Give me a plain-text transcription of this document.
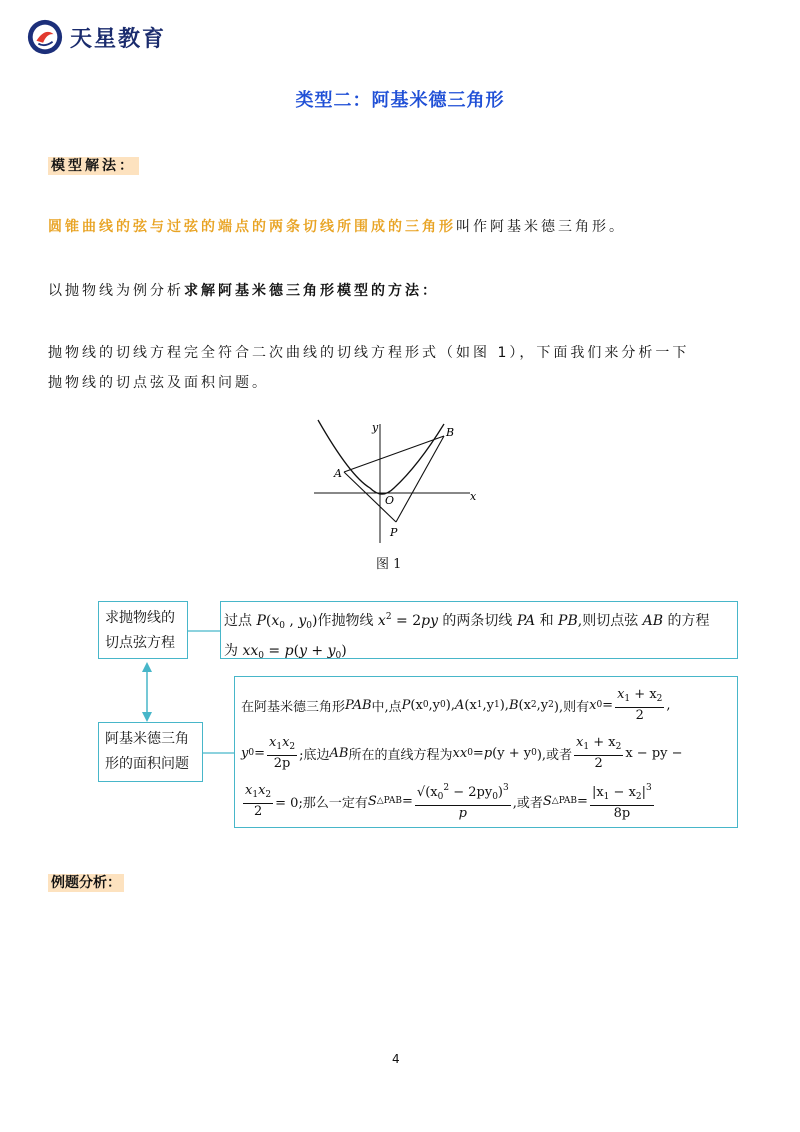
天星教育
类型二：阿基米德三角形
模型解法：
圆锥曲线的弦与过弦的端点的两条切线所围成的三角形叫作阿基米德三角形。
以抛物线为例分析求解阿基米德三角形模型的方法：
抛物线的切线方程完全符合二次曲线的切线方程形式（如图 1），下面我们来分析一下
抛物线的切点弦及面积问题。
y
x
A
B
O
P
图 1
求抛物线的
切点弦方程
过点 $P(x_0$ , $y_0$)作抛物线 $x^2 = 2py$ 的两条切线 PA 和 PB,则切点弦 AB 的方程
为 $xx_0 = p(y + y_0)$
阿基米德三角
形的面积问题
在阿基米德三角形 PAB 中,点 P (x 0 ,y 0 ), A (x 1 ,y 1 ), B (x 2 ,y 2 ),则有 x $0 = \frac{x_1 + x_2}{2}$ ,
y $0 = \frac{x_1x_2}{2p}$ ;底边 AB 所在的直线方程为 xx 0 = p (y + y 0 ),或者 $\frac{x_1 + x_2}{2}$ x − py −
$\frac{x_1x_2}{2} = 0$;那么一定有 S △PAB = $\frac{√(x_0^2 - 2py_0)^3}{p}$ ,或者 S △PAB = $\frac{|x_1 - x_2|^3}{8p}$
例题分析：
4
